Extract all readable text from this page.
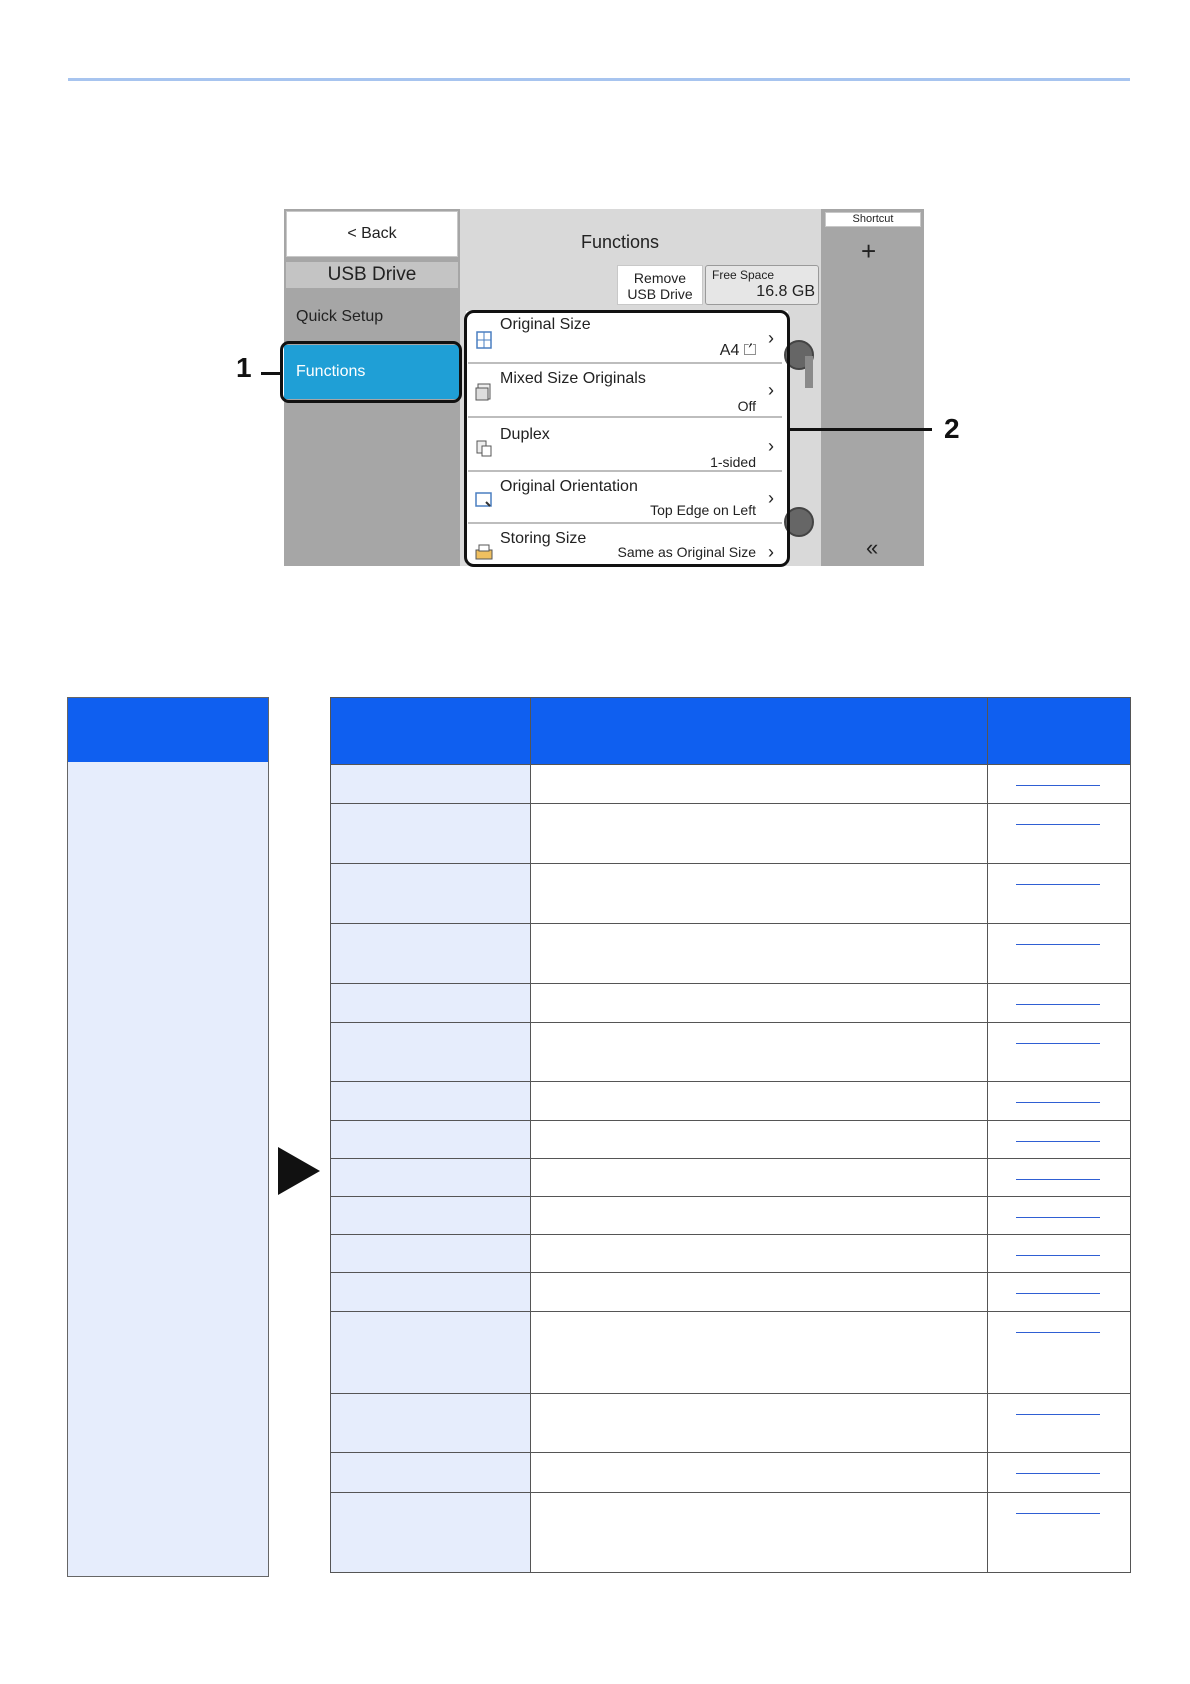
< Back
USB Drive
Quick Setup
Functions
Functions
Remove
USB Drive
Free Space
16.8 GB
Shortcut
+
«
Original Size
A4 ⏍
›
Mixed Size Originals
Off
›
Duplex
1-sided
›
Original Orientation
Top Edge on Left
›
Storing Size
Same as Original Size ›
1
2
